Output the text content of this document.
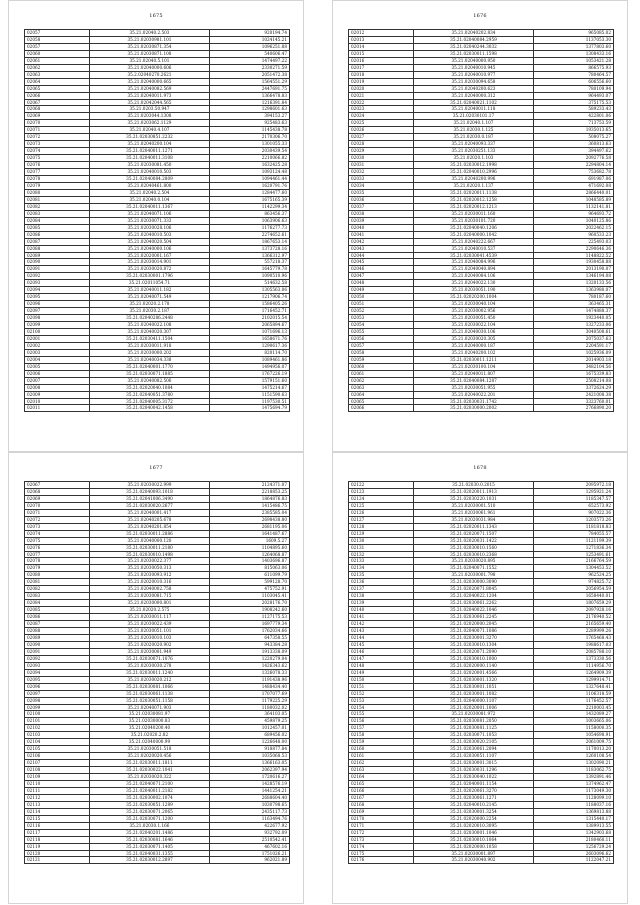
1675
02057	35.21.02040.2.503	920194.74
02058	35.21.02030981.101	1024145.21
02057	35.21.02030871.354	1096251.88
02060	35.21.02030871.108	540606.47
02061	35.21.02040.5.101	1474497.22
02062	35.21.02040000.606	2330271.59
02063	35.2.02040270.2621	2051472.38
02064	35.21.02040000.665	1564551.29
02065	35.21.02040082.569	2447691.75
02066	35.21.02040011.973	1366478.83
02067	35.21.02042044.565	1216391.84
02068	35.21.0203.50.947	1298601.63
02069	35.21.0203044.1308	394153.27
02070	35.21.0203062.1129	925483.63
02071	35.21.02040.4.107	1145438.78
02072	35.21.02030851.2232	2170306.70
02073	35.21.02040200.104	1301055.33
02074	35.21.02040011.1271	2030439.54
02075	35.21.02040011.3108	2210066.82
02076	35.21.02030081.450	1632425.28
02077	35.21.02040010.503	1093124.48
02078	35.21.02040084.2809	1094461.44
02079	35.21.02040461.800	1620791.76
02080	35.21.02040.2.504	1284477.60
02081	35.21.02040.0.104	1675165.39
02082	35.21.02040011.1367	1142299.34
02083	35.21.02040071.106	863456.37
02084	35.21.02030071.333	1063906.63
02085	35.21.02030028.106	1176277.73
02086	35.21.02040010.503	2274652.61
02087	35.21.02040020.504	1867653.14
02088	35.21.02040000.106	1373728.16
02089	35.21.02020001.167	1366312.97
02090	35.21.02030014.901	557218.37
02091	35.21.02030020.872	1645779.78
02092	35.21.02030001.1796	1090510.96
02093	35.21.02011054.71	514632.58
02094	35.21.02040011.182	1305563.06
02095	35.21.02040071.549	1217906.74
02096	35.21.02020.2.178	1586405.26
02097	35.21.02030.2.187	1716452.71
02098	35.21.02040286.2448	2102015.54
02099	35.21.02040022.108	2065894.67
02100	35.21.02040020.307	1071696.13
02001	35.21.02030411.1504	1658671.76
02002	35.21.02030011.918	1290617.36
02003	35.21.02030000.202	820114.70
02004	35.21.02040034.338	1089461.86
02005	35.21.02040001.1770	1494956.07
02006	35.21.02030071.1885	1767226.19
02007	35.21.02040082.506	1579151.60
02008	35.21.02020040.1084	1475214.67
02009	35.21.02040051.3780	1151590.63
02010	35.21.02040005.3172	1197530.51
02011	35.21.02040042.1458	1475694.79
1676
02012	35.21.02040202.834	965085.02
02013	35.21.02040084.2959	1137053.30
02014	35.21.02040244.3032	1377803.60
02015	35.21.02030011.1598	1308433.16
02016	35.21.02040000.950	1053421.28
02017	35.21.02040010.945	866575.93
02018	35.21.02040010.977	780464.57
02019	35.21.02030094.658	606556.60
02020	35.21.02040200.623	780109.94
02021	35.21.02040000.312	964493.07
02022	35.21.02040021.1102	375175.53
02023	35.21.02040011.118	589233.43
02024	35.21.02030101.17	422801.06
02025	35.21.02040.1.107	713753.59
02026	35.21.02030.1.125	1935013.65
02027	35.21.02030.0.187	508075.27
02028	35.21.02040093.337	360813.63
02029	35.21.02030251.133	394497.62
02030	35.21.02020.1.103	2092776.58
02031	35.21.02030012.1998	2294804.14
02032	35.21.02040010.2996	753682.78
02033	35.21.02040200.996	691987.06
02034	35.21.02020.1.137	471692.08
02035	35.21.02020011.1138	2866440.01
02036	35.21.02020012.1258	1048585.89
02037	35.21.02020012.1213	1132141.81
02038	35.21.02030011.160	964693.72
02039	35.21.02030101.720	1040125.86
02040	35.21.02040040.1206	2022462.15
02041	35.21.02040000.1042	960533.23
02042	35.21.02040222.667	225493.03
02043	35.21.02040010.537	2290646.36
02044	35.21.02030041.4539	1148822.52
02045	35.21.02040084.996	1930458.88
02046	35.21.02040040.894	2013190.07
02047	35.21.02040084.106	1346194.08
02048	35.21.02040022.130	1320133.56
02049	35.21.02030051.190	1363980.07
02050	35.21.02020200.1004	780187.60
02051	35.21.02030040.104	363465.31
02052	35.21.02030002.956	1474888.37
02053	35.21.02030051.450	1923440.05
02054	35.21.02030022.104	1327233.06
02055	35.21.02040030.106	3040508.61
02056	35.21.02030020.305	2075037.63
02057	35.21.02040000.187	2204591.17
02058	35.21.02040200.102	1025936.09
02059	35.21.02030011.1211	2014903.18
02060	35.21.02030100.104	3482104.56
02061	35.21.02040011.807	1675339.83
02062	35.21.02040084.1287	2508214.08
02063	35.21.02030051.955	3372624.29
02064	35.21.02040022.201	2421008.38
02065	35.21.02030031.1742	3323760.01
02066	35.21.02030000.2002	2766890.20
1677
02067	35.21.02030022.999	2124371.07
02068	35.21.02040093.1018	2218853.25
02069	35.21.02041006.3490	1864876.83
02070	35.21.02030020.2677	1415486.75
02071	35.21.02040001.417	2385585.04
02072	35.21.02040205.678	2698438.80
02073	35.21.02040201.854	2681195.06
02074	35.21.02030011.2886	1641487.67
02075	35.21.02040000.120	1609.5.27
02076	35.21.02030011.2180	1104895.60
02077	35.21.02030010.1498	1264068.87
02078	35.21.02030022.377	1403696.87
02079	35.21.02030050.313	815063.06
02080	35.21.02030093.912	611099.79
02081	35.21.02020010.316	599128.70
02082	35.21.02040002.758	475752.91
02083	35.21.02030081.715	1103045.41
02084	35.21.02030000.801	2028176.70
02085	35.21.02020.2.575	1908242.60
02086	35.21.02030011.117	1127175.53
02087	35.21.02030022.439	1697779.34
02088	35.21.02030051.101	1762034.66
02089	35.21.02030010.103	647358.55
02090	35.21.02020020.902	943384.28
02091	35.21.02030001.949	1913338.09
02092	35.21.02030071.1076	1220279.04
02093	35.21.02030030.278	1426343.62
02094	35.21.02030011.1240	1326078.33
02095	35.21.02030020.212	1191438.96
02096	35.21.02030081.1066	1488434.40
02097	35.21.02030061.1138	1707077.69
02098	35.21.02030051.1158	1179225.29
02099	35.21.02040071.903	1180032.02
02100	35.21.02030081.97	364103.05
02101	35.21.02030000.83	459879.25
02102	35.21.02040200.40	1012457.01
02103	35.21.02020.2.82	689456.02
02104	35.21.02040000.99	1226648.00
02105	35.21.02030051.518	918877.84
02106	35.21.02020020.456	1035068.53
02107	35.21.02030011.1811	1366163.05
02108	35.21.02030022.1041	2062397.94
02109	35.21.02030020.322	1720616.27
02110	35.21.02040071.2100	1428576.19
02111	35.21.02040011.2182	1441254.21
02112	35.21.02030002.1074	2688604.40
02113	35.21.02030051.1289	1030798.65
02114	35.21.02030071.2065	2435117.73
02115	35.21.02030071.1200	1163494.76
02116	35.21.02030.1.166	422677.92
02117	35.21.02040201.1486	932792.09
02118	35.21.02030081.1646	2510542.41
02119	35.21.02030071.1405	467602.16
02120	35.21.02040031.1355	1751026.21
02121	35.21.02030012.2897	962021.89
1678
02122	35.21.02030.0.2015	2095972.18
02123	35.21.02020011.1913	1295921.24
02124	35.21.02030220.1031	1185347.57
02125	35.21.02030001.510	652573.92
02126	35.21.02030061.961	907022.36
02127	35.21.02020031.984	1203573.26
02128	35.21.02020011.1343	1181818.83
02129	35.21.02020071.1507	784055.57
02130	35.21.02020031.1422	1121199.39
02131	35.21.02030010.1560	1271836.34
02132	35.21.02030010.2368	1253491.61
02133	35.21.02030020.895	2166764.59
02134	35.21.02040071.1552	1304453.52
02135	35.21.02030001.798	962524.25
02136	35.21.02030000.3090	974825.72
02137	35.21.02020071.8045	2056954.59
02138	35.21.02040022.1204	1658440.01
02139	35.21.02030061.2262	1807659.29
02140	35.21.02040022.1046	2097928.16
02141	35.21.02030061.2245	2176940.52
02142	35.21.02020000.2045	2165659.40
02143	35.21.02040071.1086	2289999.26
02144	35.21.02030001.3270	1765468.43
02145	35.21.02030010.1304	1988617.03
02146	35.21.02020071.2090	2085788.10
02147	35.21.02030010.1000	1373330.56
02148	35.21.02020000.1140	1114956.70
02149	35.21.02020001.4566	1264909.39
02150	35.21.02030001.1320	1299914.71
02151	35.21.02030001.1051	1327648.41
02152	35.21.02030001.1082	1106318.59
02153	35.21.02040000.1107	1176452.57
02154	35.21.02020001.1006	2210003.45
02155	35.21.02030081.972	1432089.27
02156	35.21.02030081.2050	1003665.06
02157	35.21.02030081.1125	1158000.35
02158	35.21.02030071.1053	1054698.91
02159	35.21.02030020.2105	2061009.75
02160	35.21.02030061.2094	1170013.20
02161	35.21.02030051.1107	1260108.54
02162	35.21.02030001.3015	1302090.21
02163	35.21.02030031.1296	1183062.75
02164	35.21.02030040.1022	1392891.46
02165	35.21.02040001.1154	1374962.47
02166	35.21.02020061.3270	1173049.30
02167	35.21.02030061.1271	1128099.10
02168	35.21.02040010.2145	1188037.16
02169	35.21.02030001.3254	1369813.88
02170	35.21.02020000.2254	1315440.17
02171	35.21.02020010.3095	1389913.55
02172	35.21.02030001.1046	1342903.68
02173	35.21.02030010.1064	2180460.11
02174	35.21.02020000.1058	1256729.24
02175	35.21.02030001.897	2603096.62
02176	35.21.02030040.902	1122047.21
